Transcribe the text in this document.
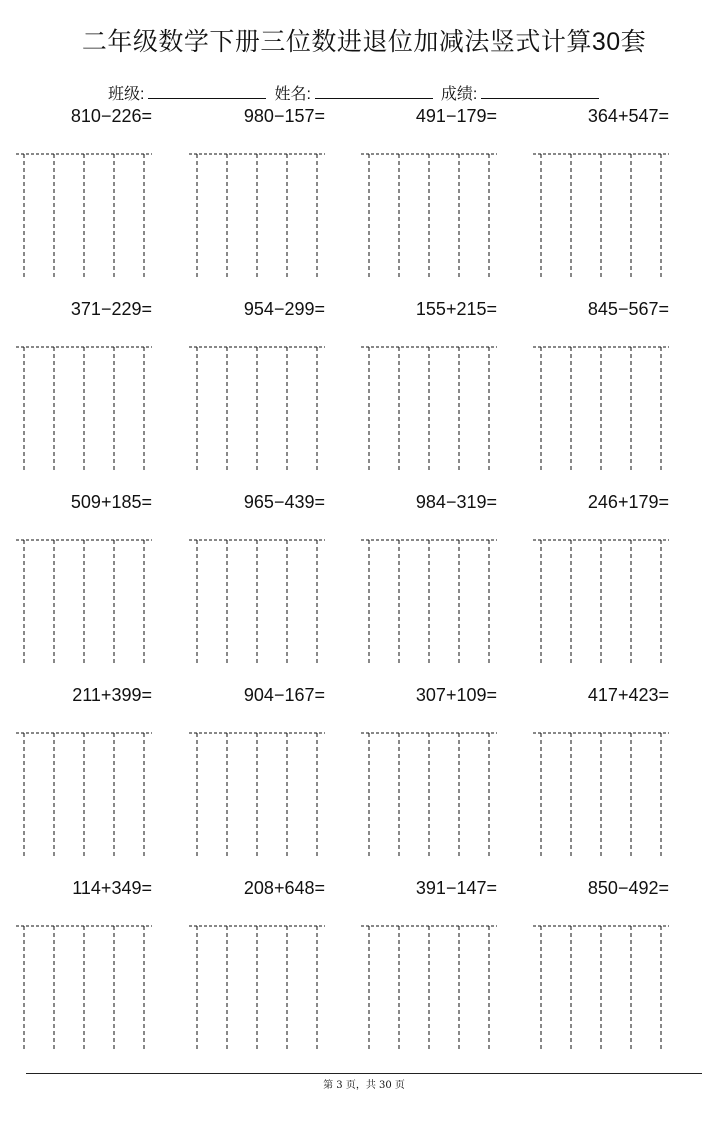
二年级数学下册三位数进退位加减法竖式计算30套
班级:	姓名:	成绩:
810−226=	980−157=	491−179=	364+547=
371−229=	954−299=	155+215=	845−567=
509+185=	965−439=	984−319=	246+179=
211+399=	904−167=	307+109=	417+423=
114+349=	208+648=	391−147=	850−492=
第 3 页，共 30 页
